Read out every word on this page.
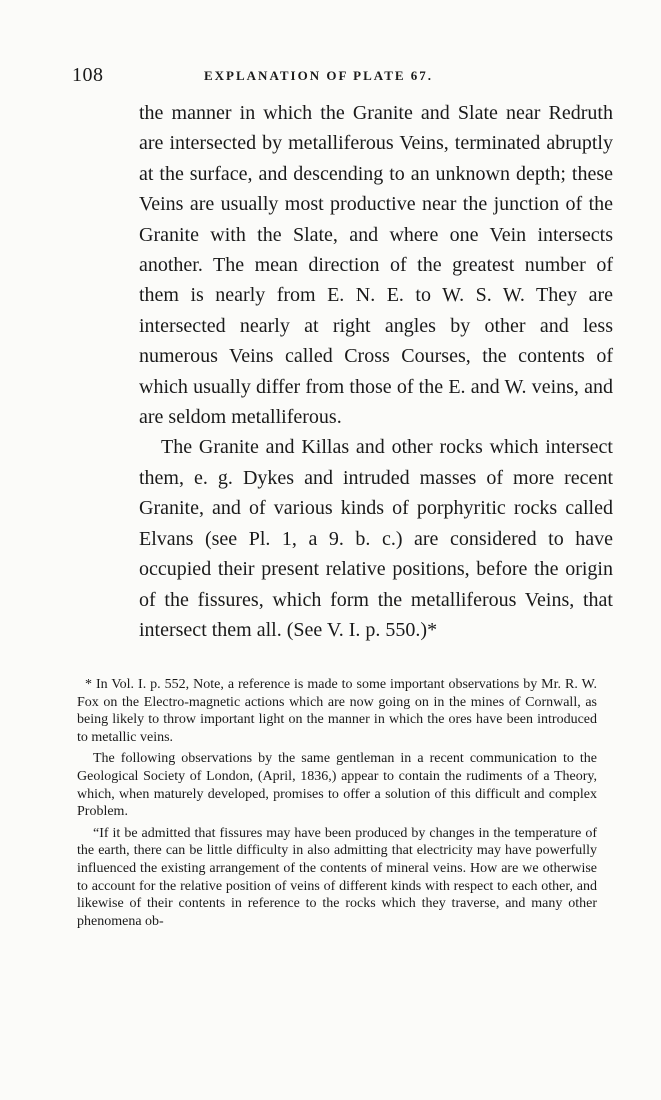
108	EXPLANATION OF PLATE 67.

the manner in which the Granite and Slate near Redruth are intersected by metalliferous Veins, terminated abruptly at the surface, and descending to an unknown depth; these Veins are usually most productive near the junction of the Granite with the Slate, and where one Vein intersects another. The mean direction of the greatest number of them is nearly from E. N. E. to W. S. W. They are intersected nearly at right angles by other and less numerous Veins called Cross Courses, the contents of which usually differ from those of the E. and W. veins, and are seldom metalliferous.

The Granite and Killas and other rocks which intersect them, e. g. Dykes and intruded masses of more recent Granite, and of various kinds of porphyritic rocks called Elvans (see Pl. 1, a 9. b. c.) are considered to have occupied their present relative positions, before the origin of the fissures, which form the metalliferous Veins, that intersect them all. (See V. I. p. 550.)*

* In Vol. I. p. 552, Note, a reference is made to some important observations by Mr. R. W. Fox on the Electro-magnetic actions which are now going on in the mines of Cornwall, as being likely to throw important light on the manner in which the ores have been introduced to metallic veins.

The following observations by the same gentleman in a recent communication to the Geological Society of London, (April, 1836,) appear to contain the rudiments of a Theory, which, when maturely developed, promises to offer a solution of this difficult and complex Problem.

“If it be admitted that fissures may have been produced by changes in the temperature of the earth, there can be little difficulty in also admitting that electricity may have powerfully influenced the existing arrangement of the contents of mineral veins. How are we otherwise to account for the relative position of veins of different kinds with respect to each other, and likewise of their contents in reference to the rocks which they traverse, and many other phenomena ob-
